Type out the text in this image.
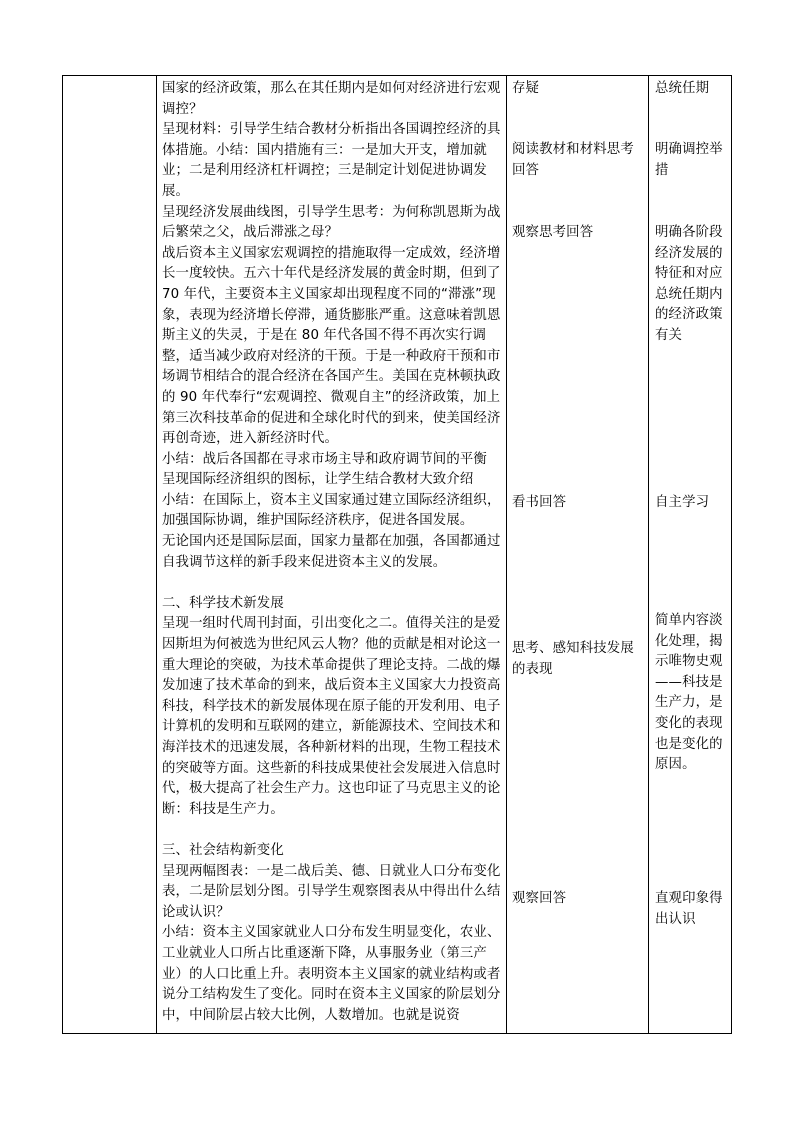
国家的经济政策，那么在其任期内是如何对经济进行宏观调控？

呈现材料：引导学生结合教材分析指出各国调控经济的具体措施。小结：国内措施有三：一是加大开支，增加就业；二是利用经济杠杆调控；三是制定计划促进协调发展。

呈现经济发展曲线图，引导学生思考：为何称凯恩斯为战后繁荣之父，战后滞涨之母？

战后资本主义国家宏观调控的措施取得一定成效，经济增长一度较快。五六十年代是经济发展的黄金时期，但到了 70 年代，主要资本主义国家却出现程度不同的“滞涨”现象，表现为经济增长停滞，通货膨胀严重。这意味着凯恩斯主义的失灵，于是在 80 年代各国不得不再次实行调整，适当减少政府对经济的干预。于是一种政府干预和市场调节相结合的混合经济在各国产生。美国在克林顿执政的 90 年代奉行“宏观调控、微观自主”的经济政策，加上第三次科技革命的促进和全球化时代的到来，使美国经济再创奇迹，进入新经济时代。

小结：战后各国都在寻求市场主导和政府调节间的平衡

呈现国际经济组织的图标，让学生结合教材大致介绍

小结：在国际上，资本主义国家通过建立国际经济组织，加强国际协调，维护国际经济秩序，促进各国发展。

无论国内还是国际层面，国家力量都在加强，各国都通过自我调节这样的新手段来促进资本主义的发展。

二、科学技术新发展

呈现一组时代周刊封面，引出变化之二。值得关注的是爱因斯坦为何被选为世纪风云人物？他的贡献是相对论这一重大理论的突破，为技术革命提供了理论支持。二战的爆发加速了技术革命的到来，战后资本主义国家大力投资高科技，科学技术的新发展体现在原子能的开发利用、电子计算机的发明和互联网的建立，新能源技术、空间技术和海洋技术的迅速发展，各种新材料的出现，生物工程技术的突破等方面。这些新的科技成果使社会发展进入信息时代，极大提高了社会生产力。这也印证了马克思主义的论断：科技是生产力。

三、社会结构新变化

呈现两幅图表：一是二战后美、德、日就业人口分布变化表，二是阶层划分图。引导学生观察图表从中得出什么结论或认识？

小结：资本主义国家就业人口分布发生明显变化，农业、工业就业人口所占比重逐渐下降，从事服务业（第三产业）的人口比重上升。表明资本主义国家的就业结构或者说分工结构发生了变化。同时在资本主义国家的阶层划分中，中间阶层占较大比例，人数增加。也就是说资

存疑
阅读教材和材料思考回答
观察思考回答
看书回答
思考、感知科技发展的表现
观察回答
总统任期
明确调控举措
明确各阶段经济发展的特征和对应总统任期内的经济政策有关
自主学习
简单内容淡化处理，揭示唯物史观——科技是生产力，是变化的表现也是变化的原因。
直观印象得出认识
